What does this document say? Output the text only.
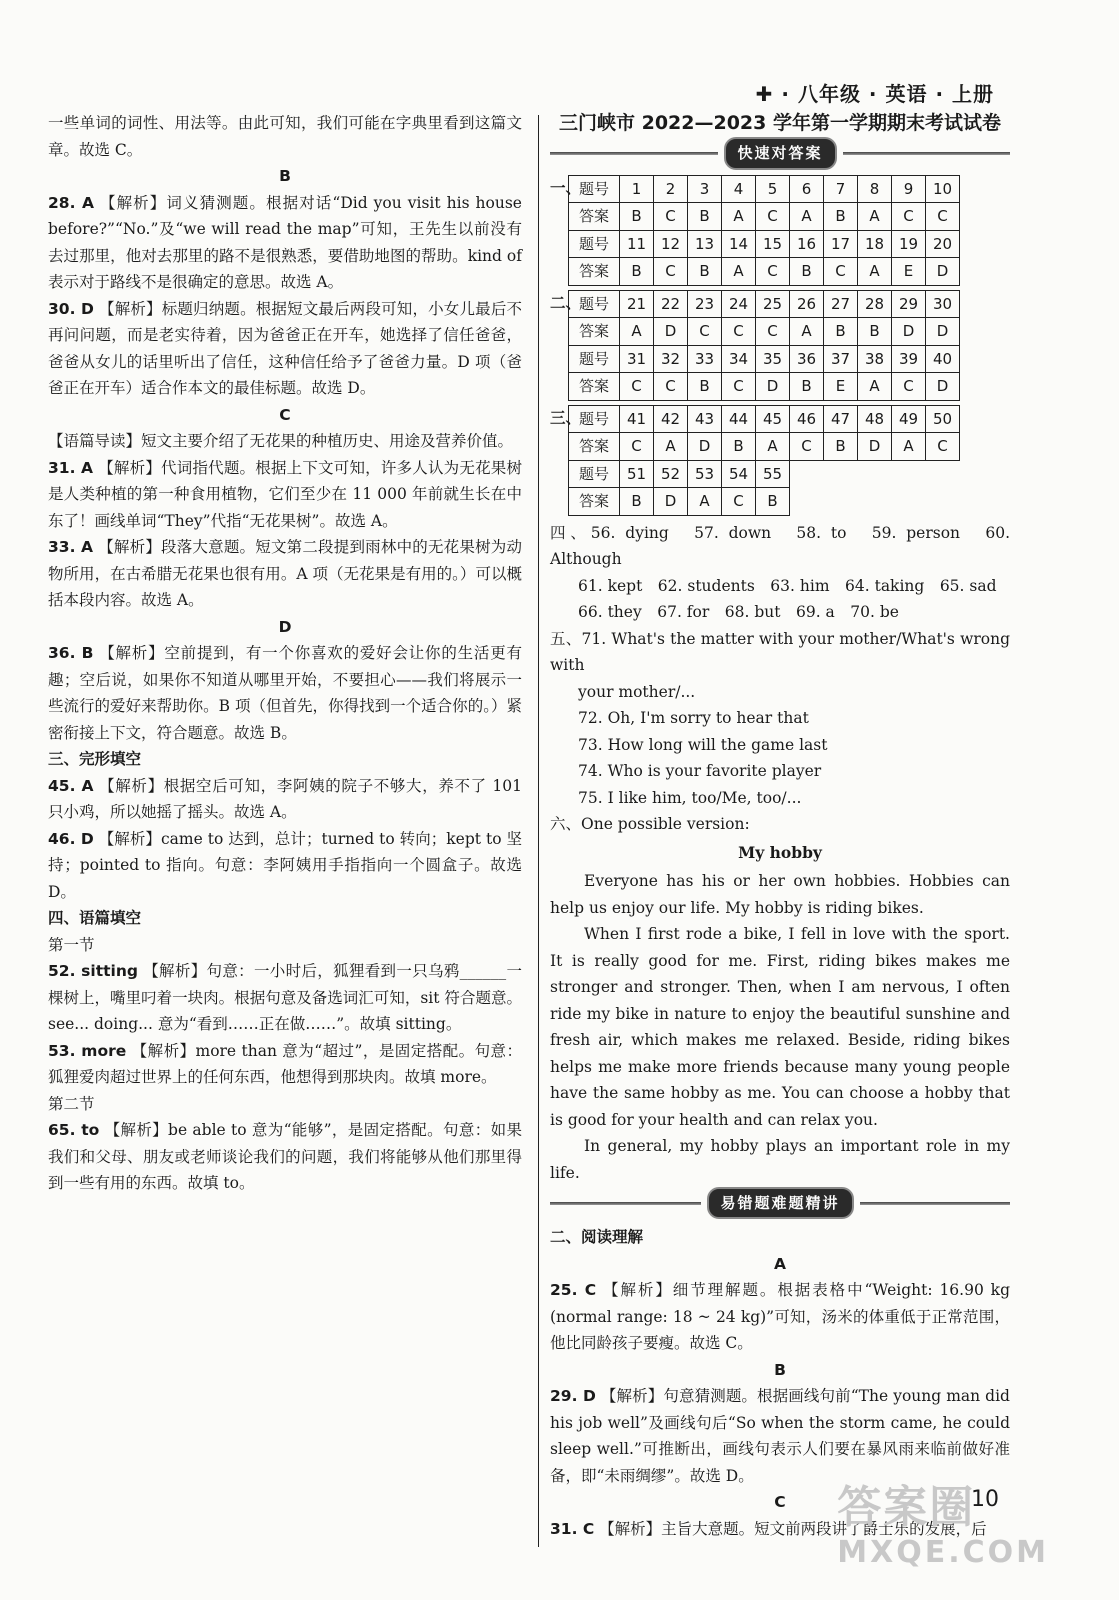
✚ · 八年级 · 英语 · 上册

一些单词的词性、用法等。由此可知，我们可能在字典里看到这篇文章。故选 C。

B

28. A 【解析】词义猜测题。根据对话“Did you visit his house before?”“No.”及“we will read the map”可知，王先生以前没有去过那里，他对去那里的路不是很熟悉，要借助地图的帮助。kind of 表示对于路线不是很确定的意思。故选 A。

30. D 【解析】标题归纳题。根据短文最后两段可知，小女儿最后不再问问题，而是老实待着，因为爸爸正在开车，她选择了信任爸爸，爸爸从女儿的话里听出了信任，这种信任给予了爸爸力量。D 项（爸爸正在开车）适合作本文的最佳标题。故选 D。

C

【语篇导读】短文主要介绍了无花果的种植历史、用途及营养价值。

31. A 【解析】代词指代题。根据上下文可知，许多人认为无花果树是人类种植的第一种食用植物，它们至少在 11 000 年前就生长在中东了！画线单词“They”代指“无花果树”。故选 A。

33. A 【解析】段落大意题。短文第二段提到雨林中的无花果树为动物所用，在古希腊无花果也很有用。A 项（无花果是有用的。）可以概括本段内容。故选 A。

D

36. B 【解析】空前提到，有一个你喜欢的爱好会让你的生活更有趣；空后说，如果你不知道从哪里开始，不要担心——我们将展示一些流行的爱好来帮助你。B 项（但首先，你得找到一个适合你的。）紧密衔接上下文，符合题意。故选 B。

三、完形填空

45. A 【解析】根据空后可知，李阿姨的院子不够大，养不了 101 只小鸡，所以她摇了摇头。故选 A。

46. D 【解析】came to 达到，总计；turned to 转向；kept to 坚持；pointed to 指向。句意：李阿姨用手指指向一个圆盒子。故选 D。

四、语篇填空

第一节

52. sitting 【解析】句意：一小时后，狐狸看到一只乌鸦______一棵树上，嘴里叼着一块肉。根据句意及备选词汇可知，sit 符合题意。see... doing... 意为“看到……正在做……”。故填 sitting。

53. more 【解析】more than 意为“超过”，是固定搭配。句意：狐狸爱肉超过世界上的任何东西，他想得到那块肉。故填 more。

第二节

65. to 【解析】be able to 意为“能够”，是固定搭配。句意：如果我们和父母、朋友或老师谈论我们的问题，我们将能够从他们那里得到一些有用的东西。故填 to。

三门峡市 2022—2023 学年第一学期期末考试试卷
快速对答案
一、
题号	1	2	3	4	5	6	7	8	9	10
答案	B	C	B	A	C	A	B	A	C	C
题号	11	12	13	14	15	16	17	18	19	20
答案	B	C	B	A	C	B	C	A	E	D
二、
题号	21	22	23	24	25	26	27	28	29	30
答案	A	D	C	C	C	A	B	B	D	D
题号	31	32	33	34	35	36	37	38	39	40
答案	C	C	B	C	D	B	E	A	C	D
三、
题号	41	42	43	44	45	46	47	48	49	50
答案	C	A	D	B	A	C	B	D	A	C
题号	51	52	53	54	55					
答案	B	D	A	C	B					

四、56. dying　57. down　58. to　59. person　60. Although

61. kept　62. students　63. him　64. taking　65. sad

66. they　67. for　68. but　69. a　70. be

五、71. What's the matter with your mother/What's wrong with

your mother/...

72. Oh, I'm sorry to hear that

73. How long will the game last

74. Who is your favorite player

75. I like him, too/Me, too/...

六、One possible version:

My hobby

Everyone has his or her own hobbies. Hobbies can help us enjoy our life. My hobby is riding bikes.

When I first rode a bike, I fell in love with the sport. It is really good for me. First, riding bikes makes me stronger and stronger. Then, when I am nervous, I often ride my bike in nature to enjoy the beautiful sunshine and fresh air, which makes me relaxed. Beside, riding bikes helps me make more friends because many young people have the same hobby as me. You can choose a hobby that is good for your health and can relax you.

In general, my hobby plays an important role in my life.

易错题难题精讲

二、阅读理解

A

25. C 【解析】细节理解题。根据表格中“Weight: 16.90 kg (normal range: 18 ~ 24 kg)”可知，汤米的体重低于正常范围，他比同龄孩子要瘦。故选 C。

B

29. D 【解析】句意猜测题。根据画线句前“The young man did his job well”及画线句后“So when the storm came, he could sleep well.”可推断出，画线句表示人们要在暴风雨来临前做好准备，即“未雨绸缪”。故选 D。

C

31. C 【解析】主旨大意题。短文前两段讲了爵士乐的发展，后

10
答案圈
MXQE.COM
